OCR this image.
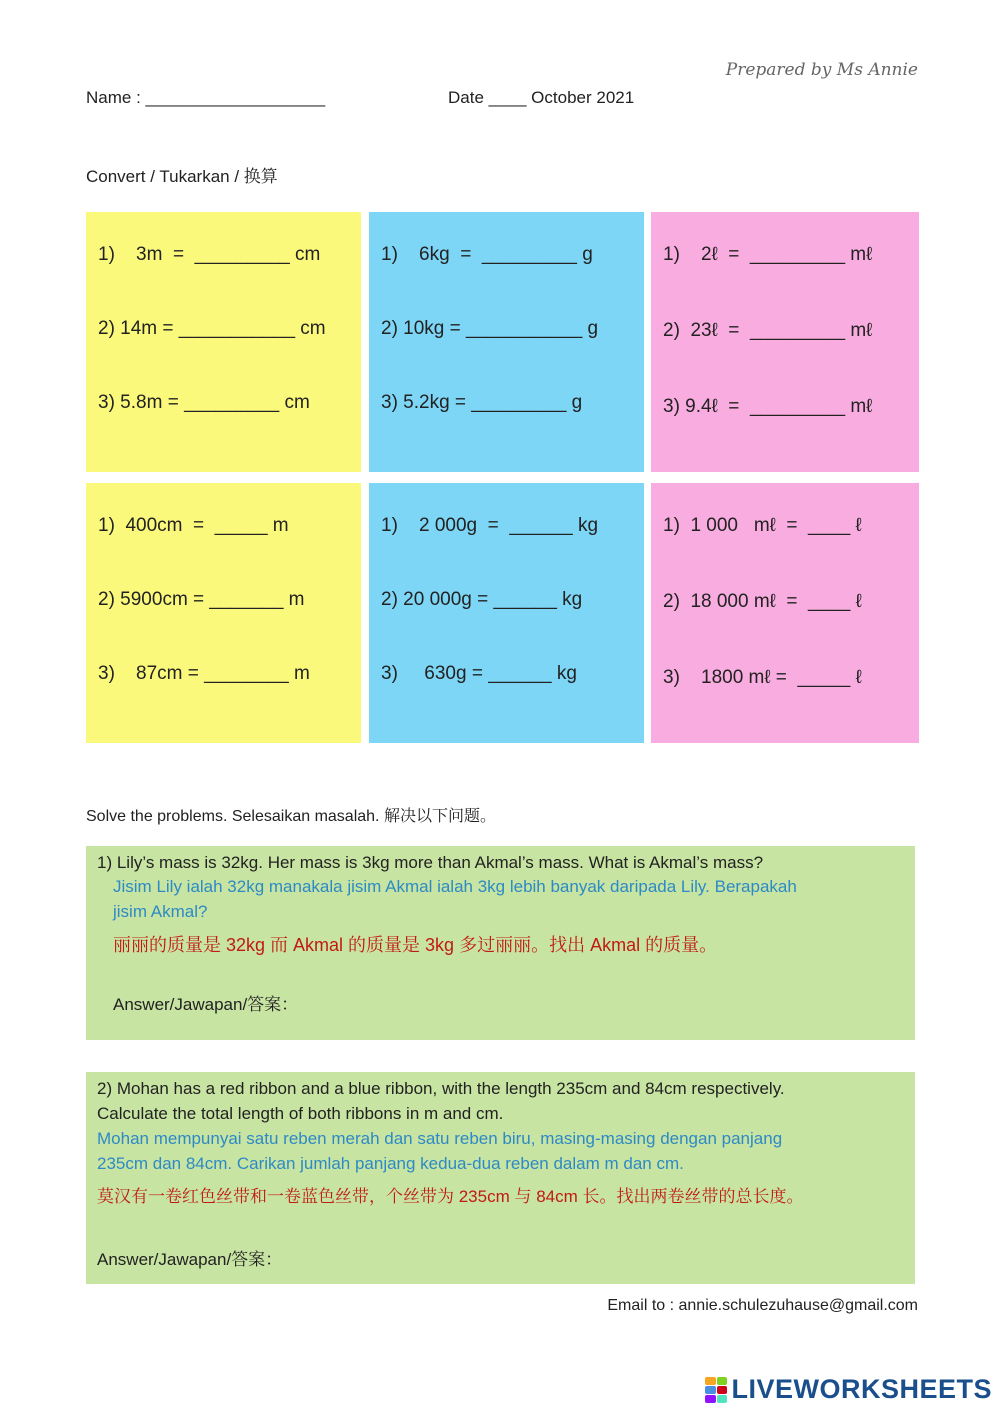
Prepared by Ms Annie
Name : ___________________	Date ____ October 2021
Convert / Tukarkan / 换算
1)    3m  =  _________ cm
2) 14m = ___________ cm
3) 5.8m = _________ cm
1)    6kg  =  _________ g
2) 10kg = ___________ g
3) 5.2kg = _________ g
1)    2ℓ  =  _________ mℓ
2)  23ℓ  =  _________ mℓ
3) 9.4ℓ  =  _________ mℓ
1)  400cm  =  _____ m
2) 5900cm = _______ m
3)    87cm = ________ m
1)    2 000g  =  ______ kg
2) 20 000g = ______ kg
3)     630g = ______ kg
1)  1 000   mℓ  =  ____ ℓ
2)  18 000 mℓ  =  ____ ℓ
3)    1800 mℓ =  _____ ℓ
Solve the problems. Selesaikan masalah. 解决以下问题。
1) Lily’s mass is 32kg. Her mass is 3kg more than Akmal’s mass. What is Akmal’s mass?
Jisim Lily ialah 32kg manakala jisim Akmal ialah 3kg lebih banyak daripada Lily. Berapakah
jisim Akmal?
丽丽的质量是 32kg 而 Akmal 的质量是 3kg 多过丽丽。找出 Akmal 的质量。
Answer/Jawapan/答案：
2) Mohan has a red ribbon and a blue ribbon, with the length 235cm and 84cm respectively.
Calculate the total length of both ribbons in m and cm.
Mohan mempunyai satu reben merah dan satu reben biru, masing-masing dengan panjang
235cm dan 84cm. Carikan jumlah panjang kedua-dua reben dalam m dan cm.
莫汉有一卷红色丝带和一卷蓝色丝带，个丝带为 235cm 与 84cm 长。找出两卷丝带的总长度。
Answer/Jawapan/答案：
Email to : annie.schulezuhause@gmail.com
LIVEWORKSHEETS
